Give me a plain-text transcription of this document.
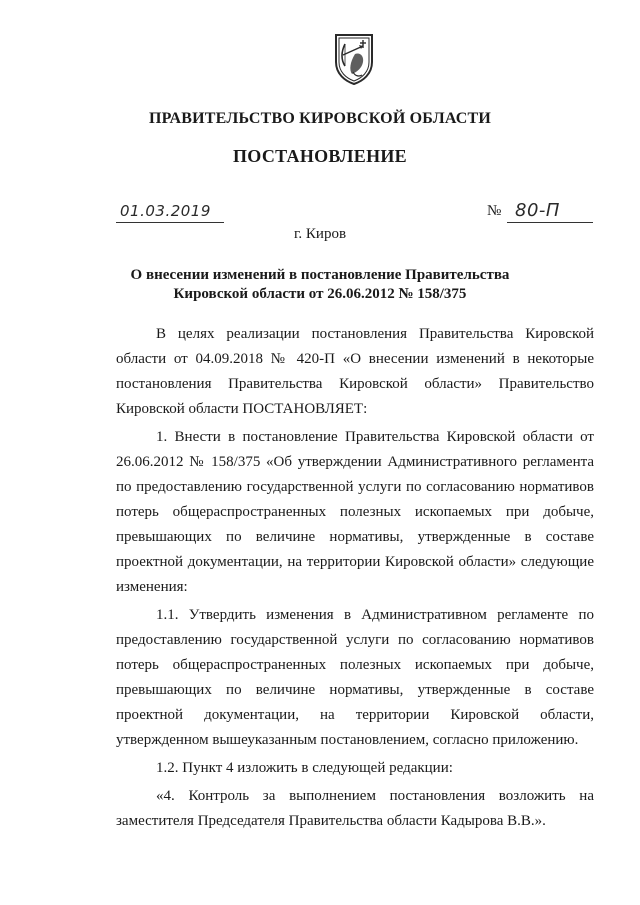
ПРАВИТЕЛЬСТВО КИРОВСКОЙ ОБЛАСТИ
ПОСТАНОВЛЕНИЕ
01.03.2019	№ 80-П
г. Киров
О внесении изменений в постановление Правительства
Кировской области от 26.06.2012 № 158/375

В целях реализации постановления Правительства Кировской области от 04.09.2018 № 420-П «О внесении изменений в некоторые постановления Правительства Кировской области» Правительство Кировской области ПОСТАНОВЛЯЕТ:

1. Внести в постановление Правительства Кировской области от 26.06.2012 № 158/375 «Об утверждении Административного регламента по предоставлению государственной услуги по согласованию нормативов потерь общераспространенных полезных ископаемых при добыче, превышающих по величине нормативы, утвержденные в составе проектной документации, на территории Кировской области» следующие изменения:

1.1. Утвердить изменения в Административном регламенте по предоставлению государственной услуги по согласованию нормативов потерь общераспространенных полезных ископаемых при добыче, превышающих по величине нормативы, утвержденные в составе проектной документации, на территории Кировской области, утвержденном вышеуказанным постановлением, согласно приложению.

1.2. Пункт 4 изложить в следующей редакции:

«4. Контроль за выполнением постановления возложить на заместителя Председателя Правительства области Кадырова В.В.».
